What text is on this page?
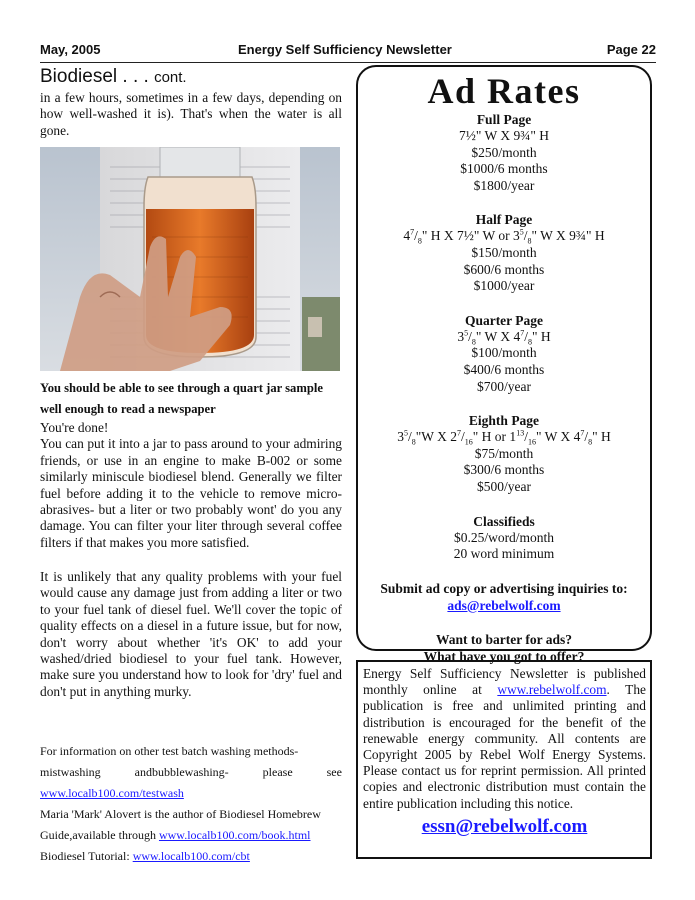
May, 2005	Energy Self Sufficiency Newsletter	Page 22
Biodiesel . . . cont.
in a few hours, sometimes in a few days, depending on how well-washed it is). That's when the water is all gone.
You should be able to see through a quart jar sample well enough to read a newspaper

You're done!

You can put it into a jar to pass around to your admiring friends, or use in an engine to make B-002 or some similarly miniscule biodiesel blend. Generally we filter fuel before adding it to the vehicle to remove micro-abrasives- but a liter or two probably wont' do you any damage. You can filter your liter through several coffee filters if that makes you more satisfied.

It is unlikely that any quality problems with your fuel would cause any damage just from adding a liter or two to your fuel tank of diesel fuel. We'll cover the topic of quality effects on a diesel in a future issue, but for now, don't worry about whether 'it's OK' to add your washed/dried biodiesel to your fuel tank. However, make sure you understand how to look for 'dry' fuel and don't put in anything murky.
For information on other test batch washing methods-
mistwashing	andbubblewashing-	please	see
www.localb100.com/testwash
Maria 'Mark' Alovert is the author of Biodiesel Homebrew
Guide,available through www.localb100.com/book.html
Biodiesel Tutorial: www.localb100.com/cbt
Ad Rates
Full Page
7½" W X 9¾" H
$250/month
$1000/6 months
$1800/year
Half Page
$4^7/_8$" H X 7½" W or $3^5/_8$" W X 9¾" H
$150/month
$600/6 months
$1000/year
Quarter Page
$3^5/_8$" W X $4^7/_8$" H
$100/month
$400/6 months
$700/year
Eighth Page
$3^5/_8"W$ X $2^7/_{16}$" H or $1^{13}/_{16}$" W X $4^7/_8$" H
$75/month
$300/6 months
$500/year
Classifieds
$0.25/word/month
20 word minimum
Submit ad copy or advertising inquiries to:
ads@rebelwolf.com
Want to barter for ads?
What have you got to offer?
Energy Self Sufficiency Newsletter is published monthly online at www.rebelwolf.com. The publication is free and unlimited printing and distribution is encouraged for the benefit of the renewable energy community. All contents are Copyright 2005 by Rebel Wolf Energy Systems. Please contact us for reprint permission. All printed copies and electronic distribution must contain the entire publication including this notice.
essn@rebelwolf.com
